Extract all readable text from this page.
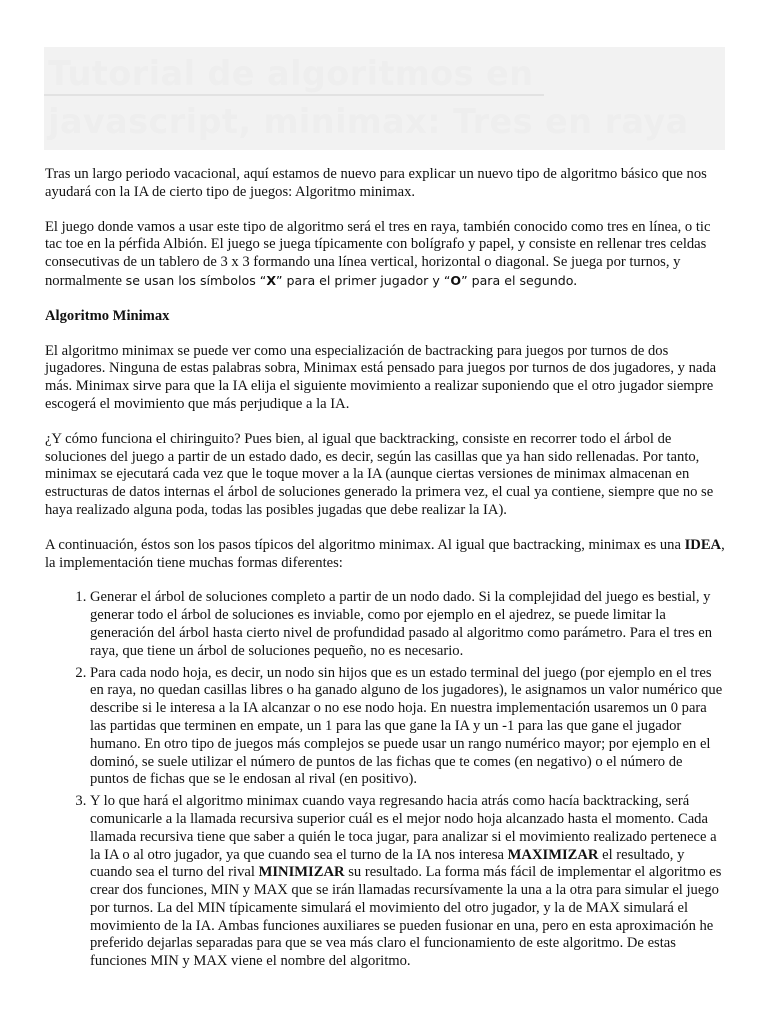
Tutorial de algoritmos en javascript, minimax: Tres en raya

Tras un largo periodo vacacional, aquí estamos de nuevo para explicar un nuevo tipo de algoritmo básico que nos ayudará con la IA de cierto tipo de juegos: Algoritmo minimax.

El juego donde vamos a usar este tipo de algoritmo será el tres en raya, también conocido como tres en línea, o tic tac toe en la pérfida Albión. El juego se juega típicamente con bolígrafo y papel, y consiste en rellenar tres celdas consecutivas de un tablero de 3 x 3 formando una línea vertical, horizontal o diagonal. Se juega por turnos, y normalmente se usan los símbolos “X” para el primer jugador y “O” para el segundo.

Algoritmo Minimax

El algoritmo minimax se puede ver como una especialización de bactracking para juegos por turnos de dos jugadores. Ninguna de estas palabras sobra, Minimax está pensado para juegos por turnos de dos jugadores, y nada más. Minimax sirve para que la IA elija el siguiente movimiento a realizar suponiendo que el otro jugador siempre escogerá el movimiento que más perjudique a la IA.

¿Y cómo funciona el chiringuito? Pues bien, al igual que backtracking, consiste en recorrer todo el árbol de soluciones del juego a partir de un estado dado, es decir, según las casillas que ya han sido rellenadas. Por tanto, minimax se ejecutará cada vez que le toque mover a la IA (aunque ciertas versiones de minimax almacenan en estructuras de datos internas el árbol de soluciones generado la primera vez, el cual ya contiene, siempre que no se haya realizado alguna poda, todas las posibles jugadas que debe realizar la IA).

A continuación, éstos son los pasos típicos del algoritmo minimax. Al igual que bactracking, minimax es una IDEA, la implementación tiene muchas formas diferentes:

1. Generar el árbol de soluciones completo a partir de un nodo dado. Si la complejidad del juego es bestial, y generar todo el árbol de soluciones es inviable, como por ejemplo en el ajedrez, se puede limitar la generación del árbol hasta cierto nivel de profundidad pasado al algoritmo como parámetro. Para el tres en raya, que tiene un árbol de soluciones pequeño, no es necesario.
2. Para cada nodo hoja, es decir, un nodo sin hijos que es un estado terminal del juego (por ejemplo en el tres en raya, no quedan casillas libres o ha ganado alguno de los jugadores), le asignamos un valor numérico que describe si le interesa a la IA alcanzar o no ese nodo hoja. En nuestra implementación usaremos un 0 para las partidas que terminen en empate, un 1 para las que gane la IA y un -1 para las que gane el jugador humano. En otro tipo de juegos más complejos se puede usar un rango numérico mayor; por ejemplo en el dominó, se suele utilizar el número de puntos de las fichas que te comes (en negativo) o el número de puntos de fichas que se le endosan al rival (en positivo).
3. Y lo que hará el algoritmo minimax cuando vaya regresando hacia atrás como hacía backtracking, será comunicarle a la llamada recursiva superior cuál es el mejor nodo hoja alcanzado hasta el momento. Cada llamada recursiva tiene que saber a quién le toca jugar, para analizar si el movimiento realizado pertenece a la IA o al otro jugador, ya que cuando sea el turno de la IA nos interesa MAXIMIZAR el resultado, y cuando sea el turno del rival MINIMIZAR su resultado. La forma más fácil de implementar el algoritmo es crear dos funciones, MIN y MAX que se irán llamadas recursívamente la una a la otra para simular el juego por turnos. La del MIN típicamente simulará el movimiento del otro jugador, y la de MAX simulará el movimiento de la IA. Ambas funciones auxiliares se pueden fusionar en una, pero en esta aproximación he preferido dejarlas separadas para que se vea más claro el funcionamiento de este algoritmo. De estas funciones MIN y MAX viene el nombre del algoritmo.
